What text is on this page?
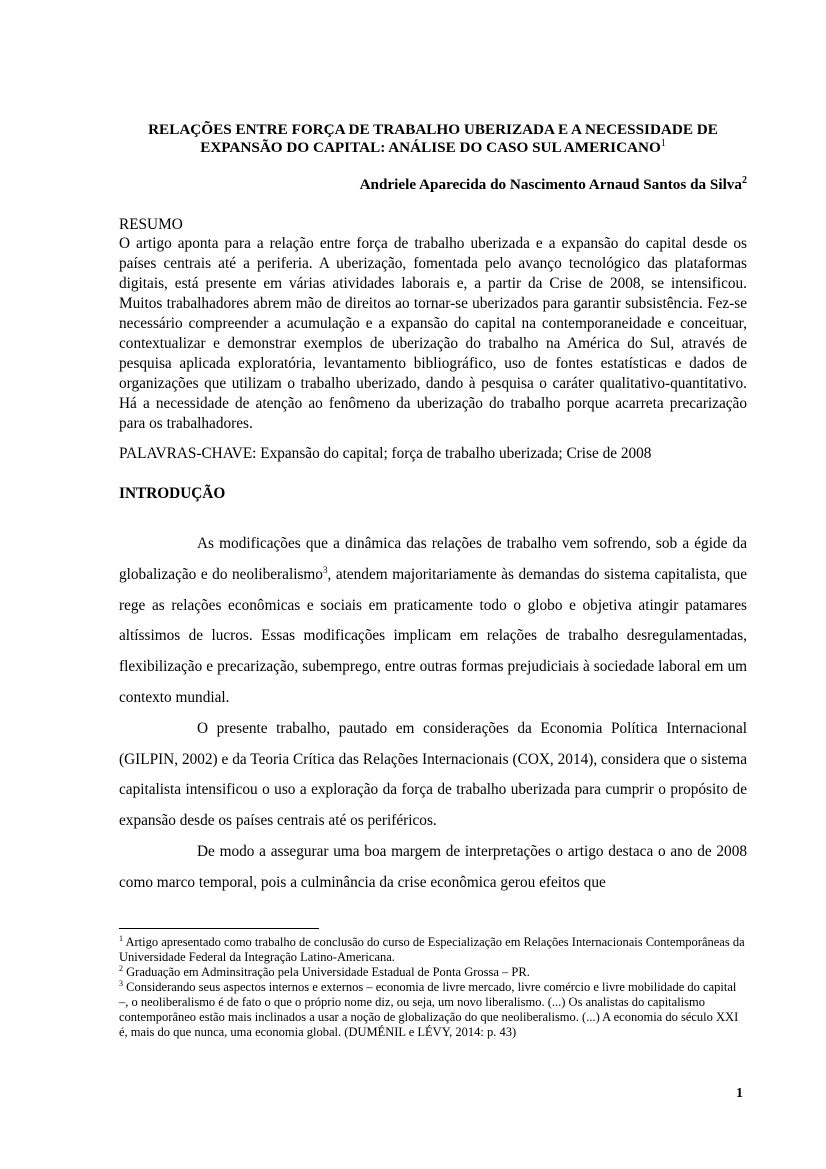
RELAÇÕES ENTRE FORÇA DE TRABALHO UBERIZADA E A NECESSIDADE DE EXPANSÃO DO CAPITAL: ANÁLISE DO CASO SUL AMERICANO$^1$
Andriele Aparecida do Nascimento Arnaud Santos da Silva$^2$
RESUMO
O artigo aponta para a relação entre força de trabalho uberizada e a expansão do capital desde os países centrais até a periferia. A uberização, fomentada pelo avanço tecnológico das plataformas digitais, está presente em várias atividades laborais e, a partir da Crise de 2008, se intensificou. Muitos trabalhadores abrem mão de direitos ao tornar-se uberizados para garantir subsistência. Fez-se necessário compreender a acumulação e a expansão do capital na contemporaneidade e conceituar, contextualizar e demonstrar exemplos de uberização do trabalho na América do Sul, através de pesquisa aplicada exploratória, levantamento bibliográfico, uso de fontes estatísticas e dados de organizações que utilizam o trabalho uberizado, dando à pesquisa o caráter qualitativo-quantitativo. Há a necessidade de atenção ao fenômeno da uberização do trabalho porque acarreta precarização para os trabalhadores.
PALAVRAS-CHAVE: Expansão do capital; força de trabalho uberizada; Crise de 2008
INTRODUÇÃO

As modificações que a dinâmica das relações de trabalho vem sofrendo, sob a égide da globalização e do neoliberalismo$^3$, atendem majoritariamente às demandas do sistema capitalista, que rege as relações econômicas e sociais em praticamente todo o globo e objetiva atingir patamares altíssimos de lucros. Essas modificações implicam em relações de trabalho desregulamentadas, flexibilização e precarização, subemprego, entre outras formas prejudiciais à sociedade laboral em um contexto mundial.

O presente trabalho, pautado em considerações da Economia Política Internacional (GILPIN, 2002) e da Teoria Crítica das Relações Internacionais (COX, 2014), considera que o sistema capitalista intensificou o uso a exploração da força de trabalho uberizada para cumprir o propósito de expansão desde os países centrais até os periféricos.

De modo a assegurar uma boa margem de interpretações o artigo destaca o ano de 2008 como marco temporal, pois a culminância da crise econômica gerou efeitos que

$^1$ Artigo apresentado como trabalho de conclusão do curso de Especialização em Relações Internacionais Contemporâneas da Universidade Federal da Integração Latino-Americana.

$^2$ Graduação em Adminsitração pela Universidade Estadual de Ponta Grossa – PR.

$^3$ Considerando seus aspectos internos e externos – economia de livre mercado, livre comércio e livre mobilidade do capital –, o neoliberalismo é de fato o que o próprio nome diz, ou seja, um novo liberalismo. (...) Os analistas do capitalismo contemporâneo estão mais inclinados a usar a noção de globalização do que neoliberalismo. (...) A economia do século XXI é, mais do que nunca, uma economia global. (DUMÉNIL e LÉVY, 2014: p. 43)

1
